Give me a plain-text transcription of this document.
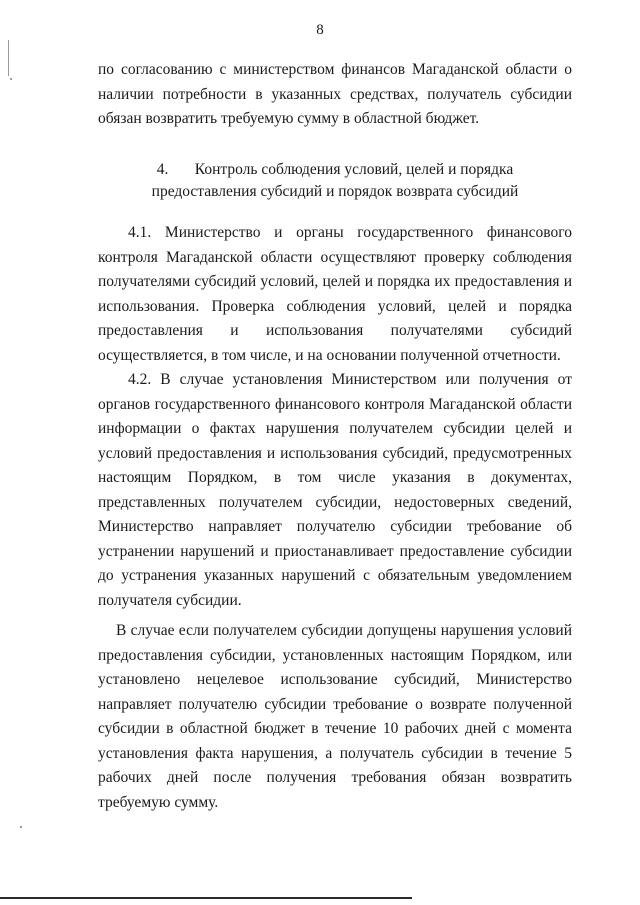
8

по согласованию с министерством финансов Магаданской области о наличии потребности в указанных средствах, получатель субсидии обязан возвратить требуемую сумму в областной бюджет.

4. Контроль соблюдения условий, целей и порядка
предоставления субсидий и порядок возврата субсидий

4.1. Министерство и органы государственного финансового контроля Магаданской области осуществляют проверку соблюдения получателями субсидий условий, целей и порядка их предоставления и использования. Проверка соблюдения условий, целей и порядка предоставления и использования получателями субсидий осуществляется, в том числе, и на основании полученной отчетности.

4.2. В случае установления Министерством или получения от органов государственного финансового контроля Магаданской области информации о фактах нарушения получателем субсидии целей и условий предоставления и использования субсидий, предусмотренных настоящим Порядком, в том числе указания в документах, представленных получателем субсидии, недостоверных сведений, Министерство направляет получателю субсидии требование об устранении нарушений и приостанавливает предоставление субсидии до устранения указанных нарушений с обязательным уведомлением получателя субсидии.

В случае если получателем субсидии допущены нарушения условий предоставления субсидии, установленных настоящим Порядком, или установлено нецелевое использование субсидий, Министерство направляет получателю субсидии требование о возврате полученной субсидии в областной бюджет в течение 10 рабочих дней с момента установления факта нарушения, а получатель субсидии в течение 5 рабочих дней после получения требования обязан возвратить требуемую сумму.
